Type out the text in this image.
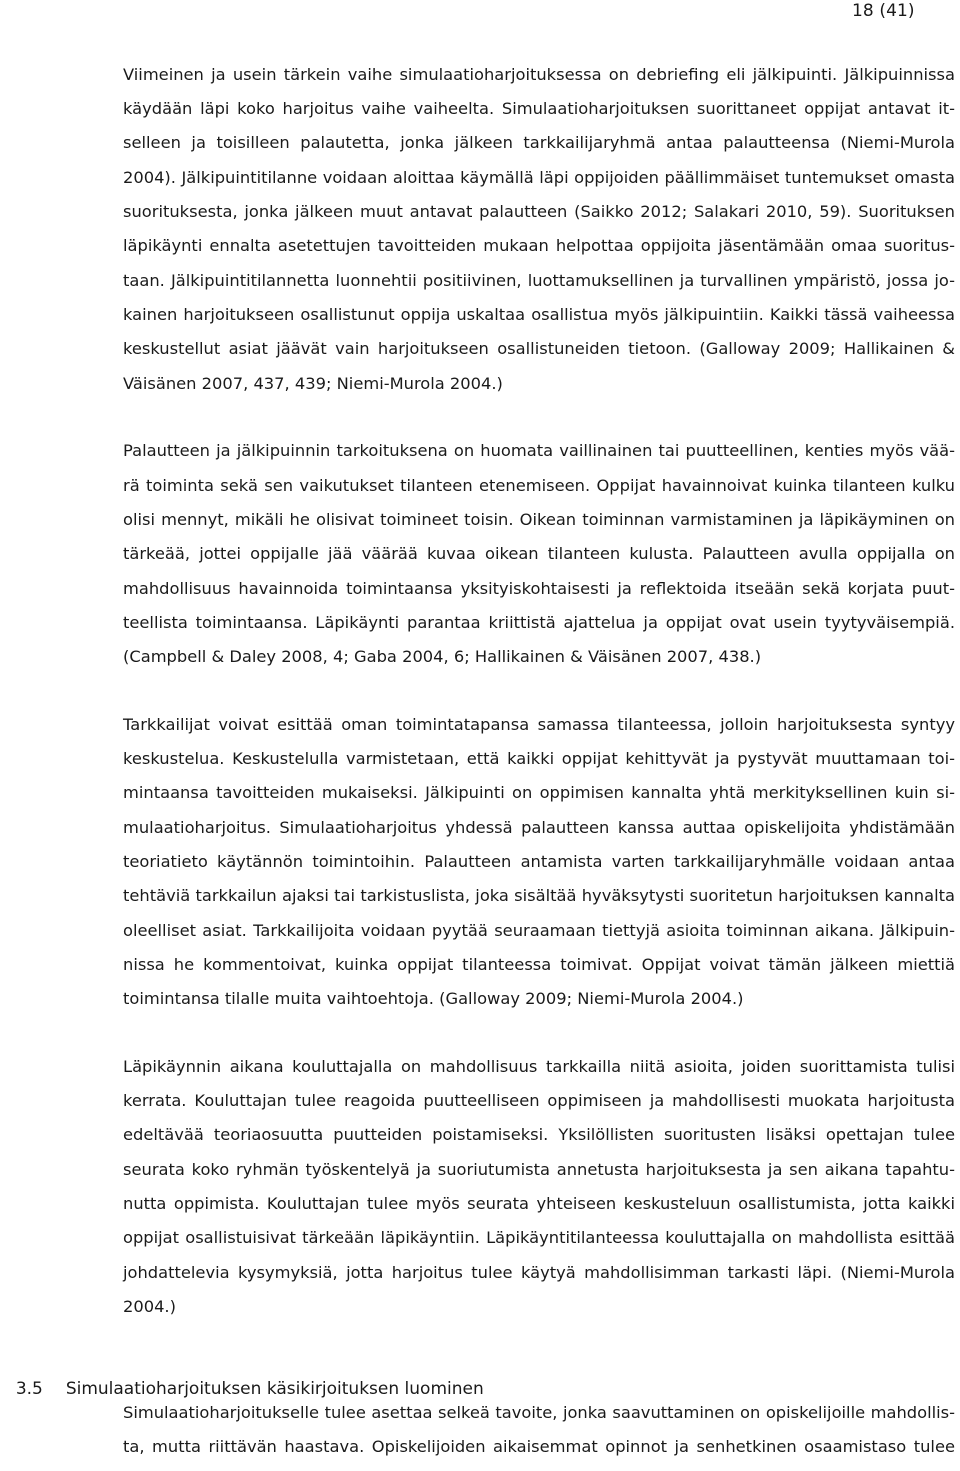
18 (41)
Viimeinen ja usein tärkein vaihe simulaatioharjoituksessa on debriefing eli jälkipuinti. Jälkipuinnissa
käydään läpi koko harjoitus vaihe vaiheelta. Simulaatioharjoituksen suorittaneet oppijat antavat it-
selleen ja toisilleen palautetta, jonka jälkeen tarkkailijaryhmä antaa palautteensa (Niemi-Murola
2004). Jälkipuintitilanne voidaan aloittaa käymällä läpi oppijoiden päällimmäiset tuntemukset omasta
suorituksesta, jonka jälkeen muut antavat palautteen (Saikko 2012; Salakari 2010, 59). Suorituksen
läpikäynti ennalta asetettujen tavoitteiden mukaan helpottaa oppijoita jäsentämään omaa suoritus-
taan. Jälkipuintitilannetta luonnehtii positiivinen, luottamuksellinen ja turvallinen ympäristö, jossa jo-
kainen harjoitukseen osallistunut oppija uskaltaa osallistua myös jälkipuintiin. Kaikki tässä vaiheessa
keskustellut asiat jäävät vain harjoitukseen osallistuneiden tietoon. (Galloway 2009; Hallikainen &
Väisänen 2007, 437, 439; Niemi-Murola 2004.)
Palautteen ja jälkipuinnin tarkoituksena on huomata vaillinainen tai puutteellinen, kenties myös vää-
rä toiminta sekä sen vaikutukset tilanteen etenemiseen. Oppijat havainnoivat kuinka tilanteen kulku
olisi mennyt, mikäli he olisivat toimineet toisin. Oikean toiminnan varmistaminen ja läpikäyminen on
tärkeää, jottei oppijalle jää väärää kuvaa oikean tilanteen kulusta. Palautteen avulla oppijalla on
mahdollisuus havainnoida toimintaansa yksityiskohtaisesti ja reflektoida itseään sekä korjata puut-
teellista toimintaansa. Läpikäynti parantaa kriittistä ajattelua ja oppijat ovat usein tyytyväisempiä.
(Campbell & Daley 2008, 4; Gaba 2004, 6; Hallikainen & Väisänen 2007, 438.)
Tarkkailijat voivat esittää oman toimintatapansa samassa tilanteessa, jolloin harjoituksesta syntyy
keskustelua. Keskustelulla varmistetaan, että kaikki oppijat kehittyvät ja pystyvät muuttamaan toi-
mintaansa tavoitteiden mukaiseksi. Jälkipuinti on oppimisen kannalta yhtä merkityksellinen kuin si-
mulaatioharjoitus. Simulaatioharjoitus yhdessä palautteen kanssa auttaa opiskelijoita yhdistämään
teoriatieto käytännön toimintoihin. Palautteen antamista varten tarkkailijaryhmälle voidaan antaa
tehtäviä tarkkailun ajaksi tai tarkistuslista, joka sisältää hyväksytysti suoritetun harjoituksen kannalta
oleelliset asiat. Tarkkailijoita voidaan pyytää seuraamaan tiettyjä asioita toiminnan aikana. Jälkipuin-
nissa he kommentoivat, kuinka oppijat tilanteessa toimivat. Oppijat voivat tämän jälkeen miettiä
toimintansa tilalle muita vaihtoehtoja. (Galloway 2009; Niemi-Murola 2004.)
Läpikäynnin aikana kouluttajalla on mahdollisuus tarkkailla niitä asioita, joiden suorittamista tulisi
kerrata. Kouluttajan tulee reagoida puutteelliseen oppimiseen ja mahdollisesti muokata harjoitusta
edeltävää teoriaosuutta puutteiden poistamiseksi. Yksilöllisten suoritusten lisäksi opettajan tulee
seurata koko ryhmän työskentelyä ja suoriutumista annetusta harjoituksesta ja sen aikana tapahtu-
nutta oppimista. Kouluttajan tulee myös seurata yhteiseen keskusteluun osallistumista, jotta kaikki
oppijat osallistuisivat tärkeään läpikäyntiin. Läpikäyntitilanteessa kouluttajalla on mahdollista esittää
johdattelevia kysymyksiä, jotta harjoitus tulee käytyä mahdollisimman tarkasti läpi. (Niemi-Murola
2004.)

3.5 Simulaatioharjoituksen käsikirjoituksen luominen

Simulaatioharjoitukselle tulee asettaa selkeä tavoite, jonka saavuttaminen on opiskelijoille mahdollis-
ta, mutta riittävän haastava. Opiskelijoiden aikaisemmat opinnot ja senhetkinen osaamistaso tulee
